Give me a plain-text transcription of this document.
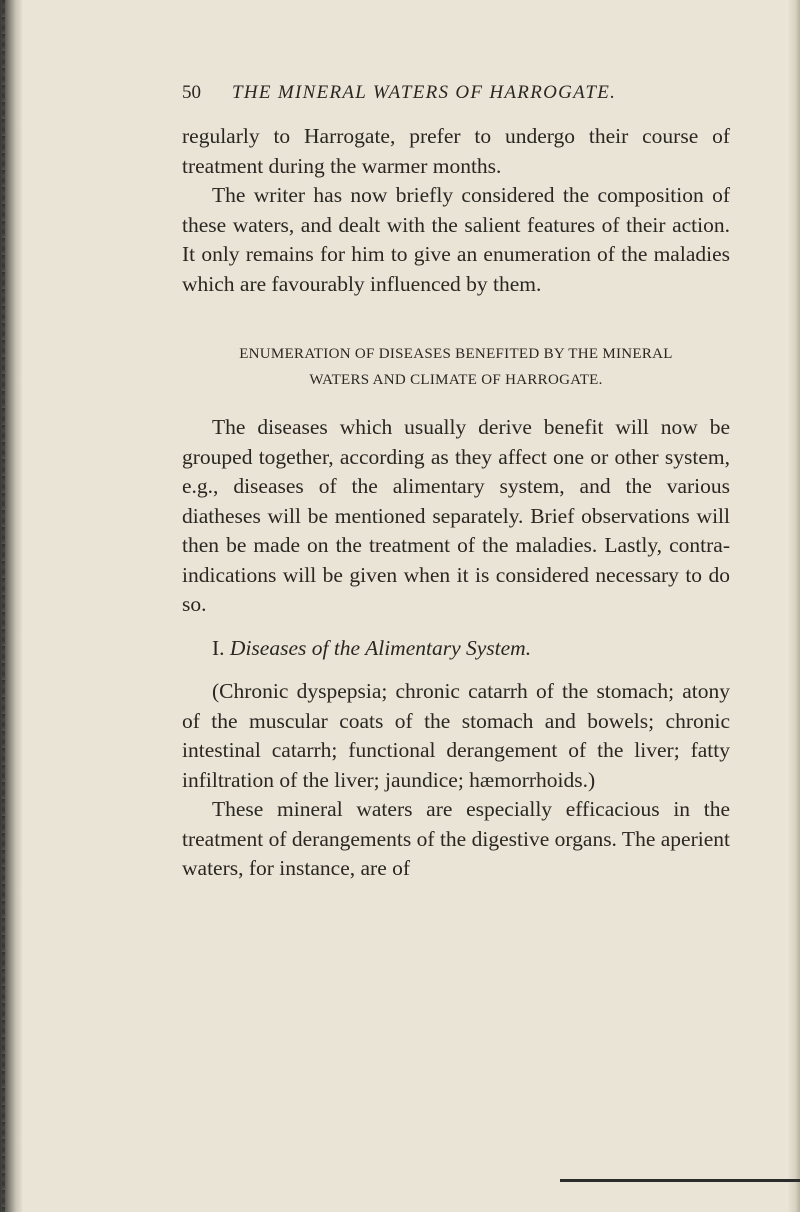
50 THE MINERAL WATERS OF HARROGATE.

regularly to Harrogate, prefer to undergo their course of treatment during the warmer months.

The writer has now briefly considered the composition of these waters, and dealt with the salient features of their action. It only remains for him to give an enumeration of the maladies which are favourably influenced by them.

ENUMERATION OF DISEASES BENEFITED BY THE MINERAL
WATERS AND CLIMATE OF HARROGATE.

The diseases which usually derive benefit will now be grouped together, according as they affect one or other system, e.g., diseases of the alimentary system, and the various diatheses will be mentioned separately. Brief observations will then be made on the treatment of the maladies. Lastly, contra-indications will be given when it is considered necessary to do so.

I. Diseases of the Alimentary System.

(Chronic dyspepsia; chronic catarrh of the stomach; atony of the muscular coats of the stomach and bowels; chronic intestinal catarrh; functional derangement of the liver; fatty infiltration of the liver; jaundice; hæmorrhoids.)

These mineral waters are especially efficacious in the treatment of derangements of the digestive organs. The aperient waters, for instance, are of
